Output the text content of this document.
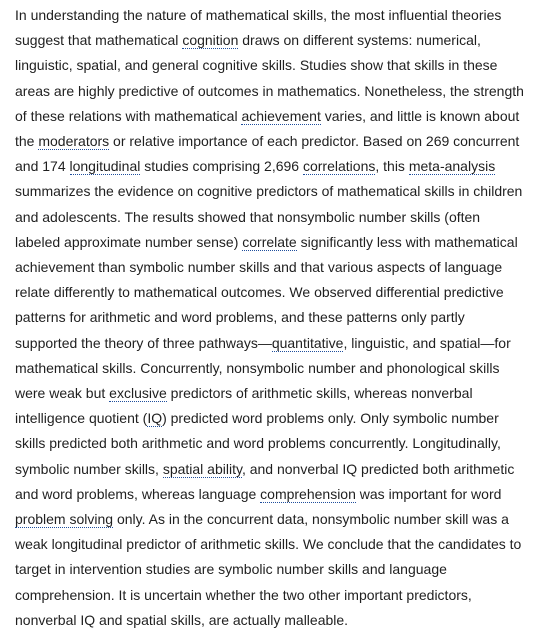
In understanding the nature of mathematical skills, the most influential theories suggest that mathematical cognition draws on different systems: numerical, linguistic, spatial, and general cognitive skills. Studies show that skills in these areas are highly predictive of outcomes in mathematics. Nonetheless, the strength of these relations with mathematical achievement varies, and little is known about the moderators or relative importance of each predictor. Based on 269 concurrent and 174 longitudinal studies comprising 2,696 correlations, this meta-analysis summarizes the evidence on cognitive predictors of mathematical skills in children and adolescents. The results showed that nonsymbolic number skills (often labeled approximate number sense) correlate significantly less with mathematical achievement than symbolic number skills and that various aspects of language relate differently to mathematical outcomes. We observed differential predictive patterns for arithmetic and word problems, and these patterns only partly supported the theory of three pathways—quantitative, linguistic, and spatial—for mathematical skills. Concurrently, nonsymbolic number and phonological skills were weak but exclusive predictors of arithmetic skills, whereas nonverbal intelligence quotient (IQ) predicted word problems only. Only symbolic number skills predicted both arithmetic and word problems concurrently. Longitudinally, symbolic number skills, spatial ability, and nonverbal IQ predicted both arithmetic and word problems, whereas language comprehension was important for word problem solving only. As in the concurrent data, nonsymbolic number skill was a weak longitudinal predictor of arithmetic skills. We conclude that the candidates to target in intervention studies are symbolic number skills and language comprehension. It is uncertain whether the two other important predictors, nonverbal IQ and spatial skills, are actually malleable.
